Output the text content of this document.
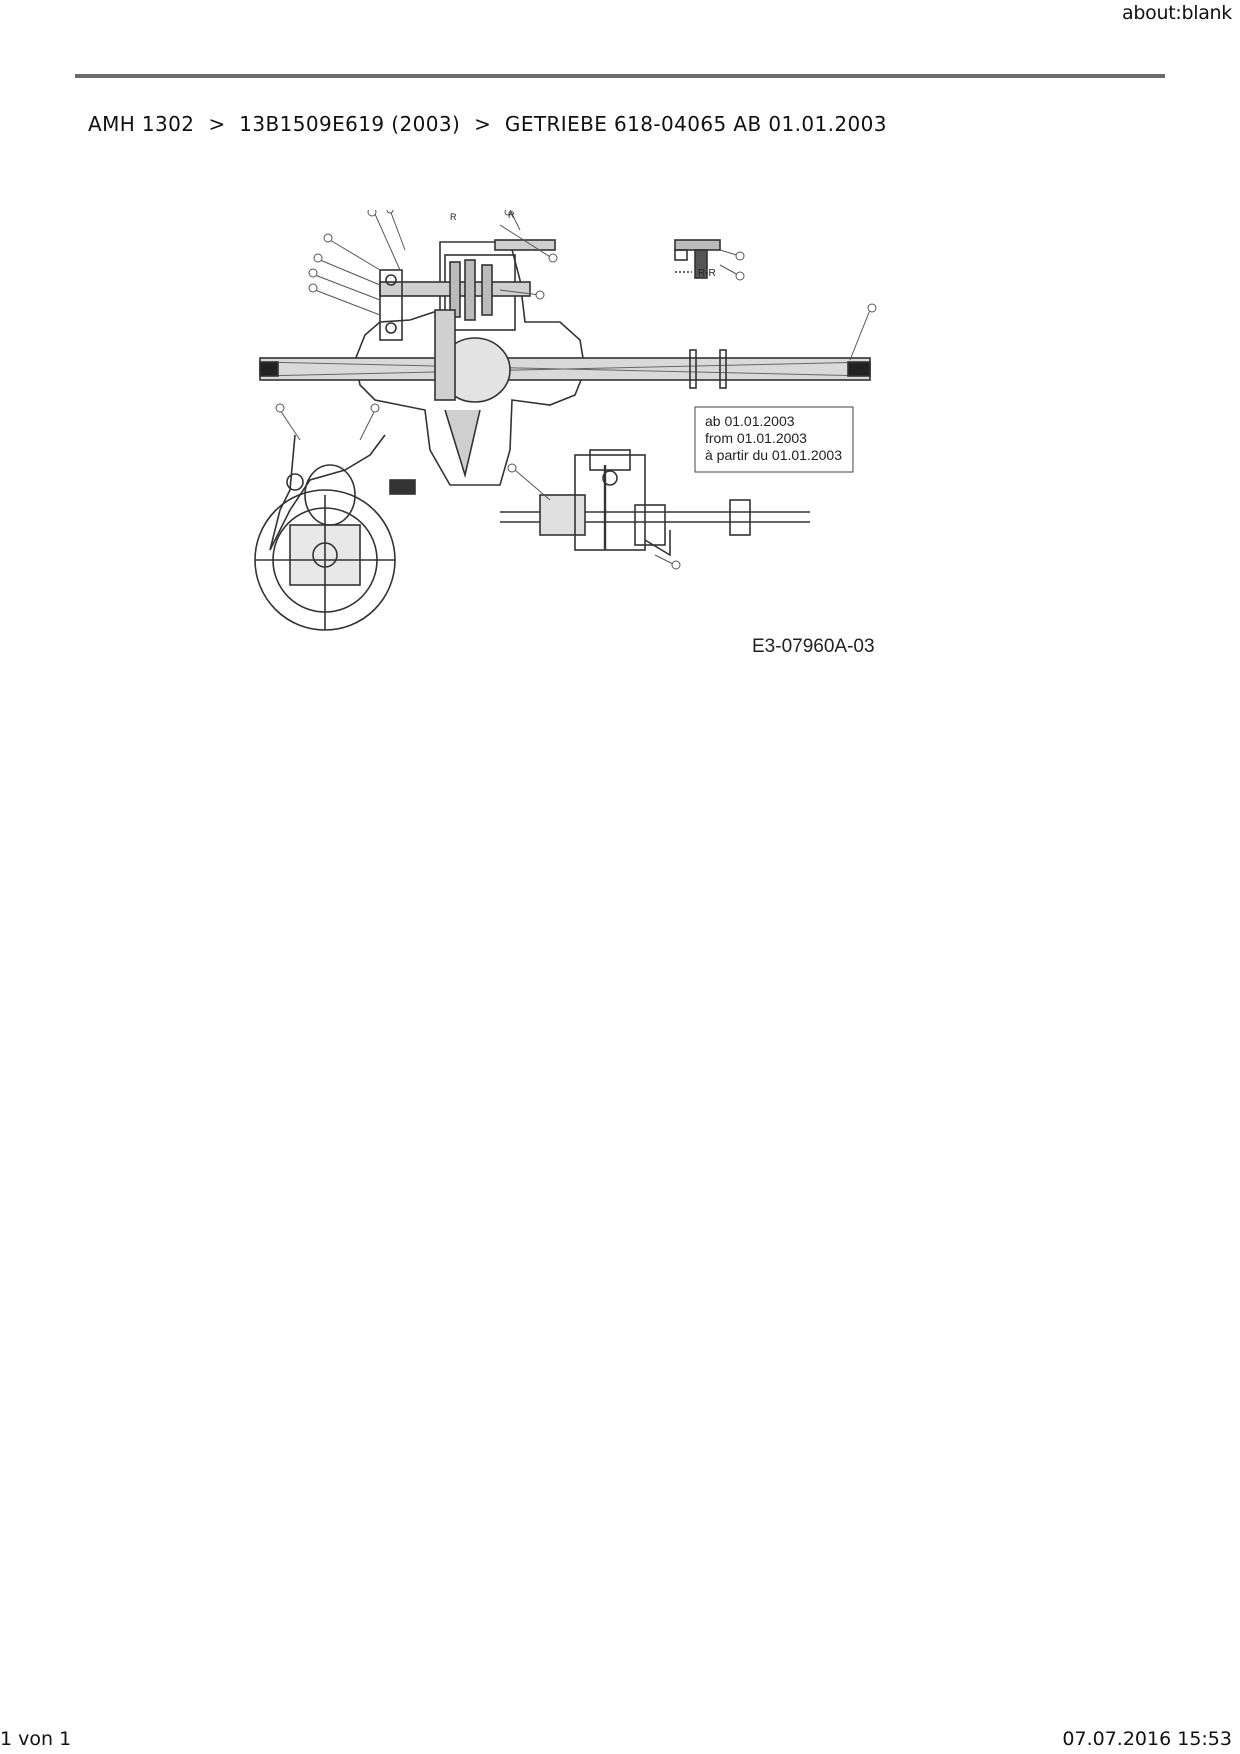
about:blank
AMH 1302 > 13B1509E619 (2003) > GETRIEBE 618-04065 AB 01.01.2003
R	R
R-R
ab 01.01.2003
from 01.01.2003
à partir du 01.01.2003
E3-07960A-03
1 von 1	07.07.2016 15:53
